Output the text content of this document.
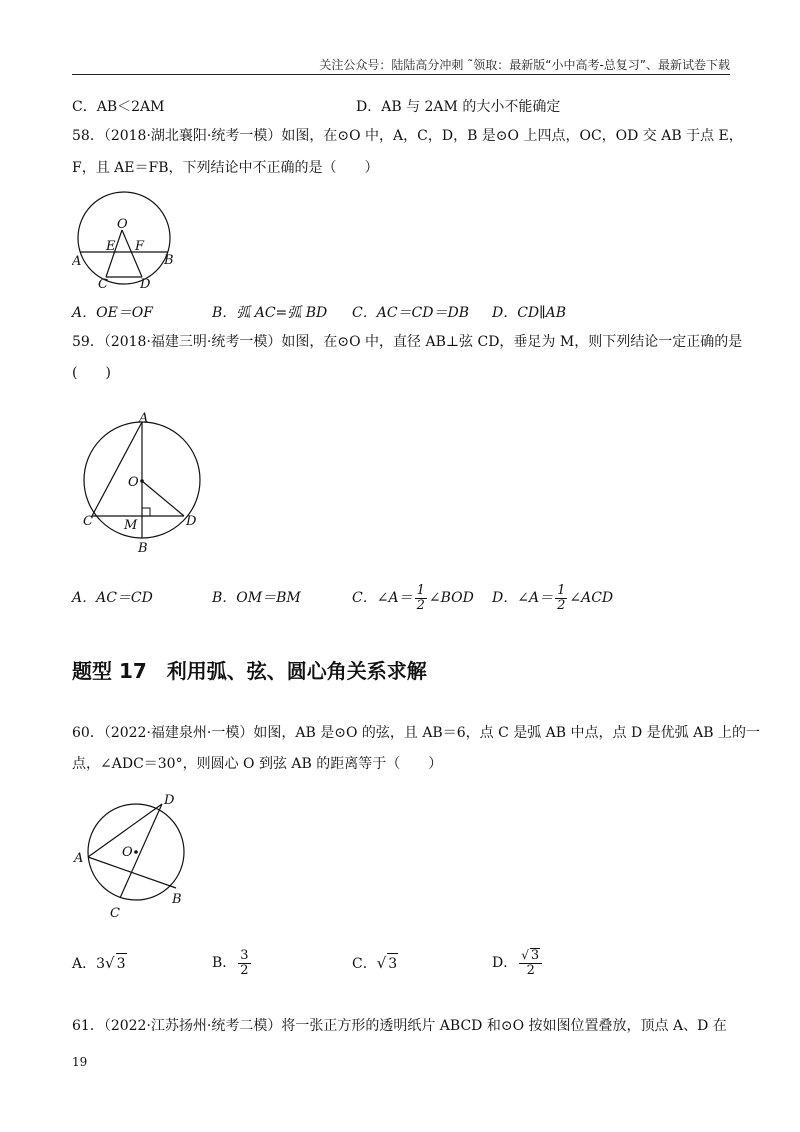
关注公众号：陆陆高分冲刺 ˜领取：最新版“小中高考-总复习”、最新试卷下载
C．AB＜2AM	D．AB 与 2AM 的大小不能确定
58．（2018·湖北襄阳·统考一模）如图，在⊙O 中，A，C，D，B 是⊙O 上四点，OC，OD 交 AB 于点 E，
F，且 AE＝FB，下列结论中不正确的是（　　）
O
E F
A	B
C D
A．OE＝OF	B．弧 AC=弧 BD C．AC＝CD＝DB D．CD∥AB
59．（2018·福建三明·统考一模）如图，在⊙O 中，直径 AB⊥弦 CD，垂足为 M，则下列结论一定正确的是
(　　)
A
O
C M	D
B
A．AC＝CD	B．OM＝BM	C．∠A＝ $\frac{1}{2}$ ∠BOD D．∠A＝ $\frac{1}{2}$ ∠ACD
题型 17　利用弧、弦、圆心角关系求解
60．（2022·福建泉州·一模）如图，AB 是⊙O 的弦，且 AB＝6，点 C 是弧 AB 中点，点 D 是优弧 AB 上的一
点，∠ADC＝30°，则圆心 O 到弦 AB 的距离等于（　　）
D
O
A
C
B
A．3√ 3	B． $\frac{3}{2}$	C．√ 3	D． $\frac{√ 3}{2}$
61．（2022·江苏扬州·统考二模）将一张正方形的透明纸片 ABCD 和⊙O 按如图位置叠放，顶点 A、D 在
19
